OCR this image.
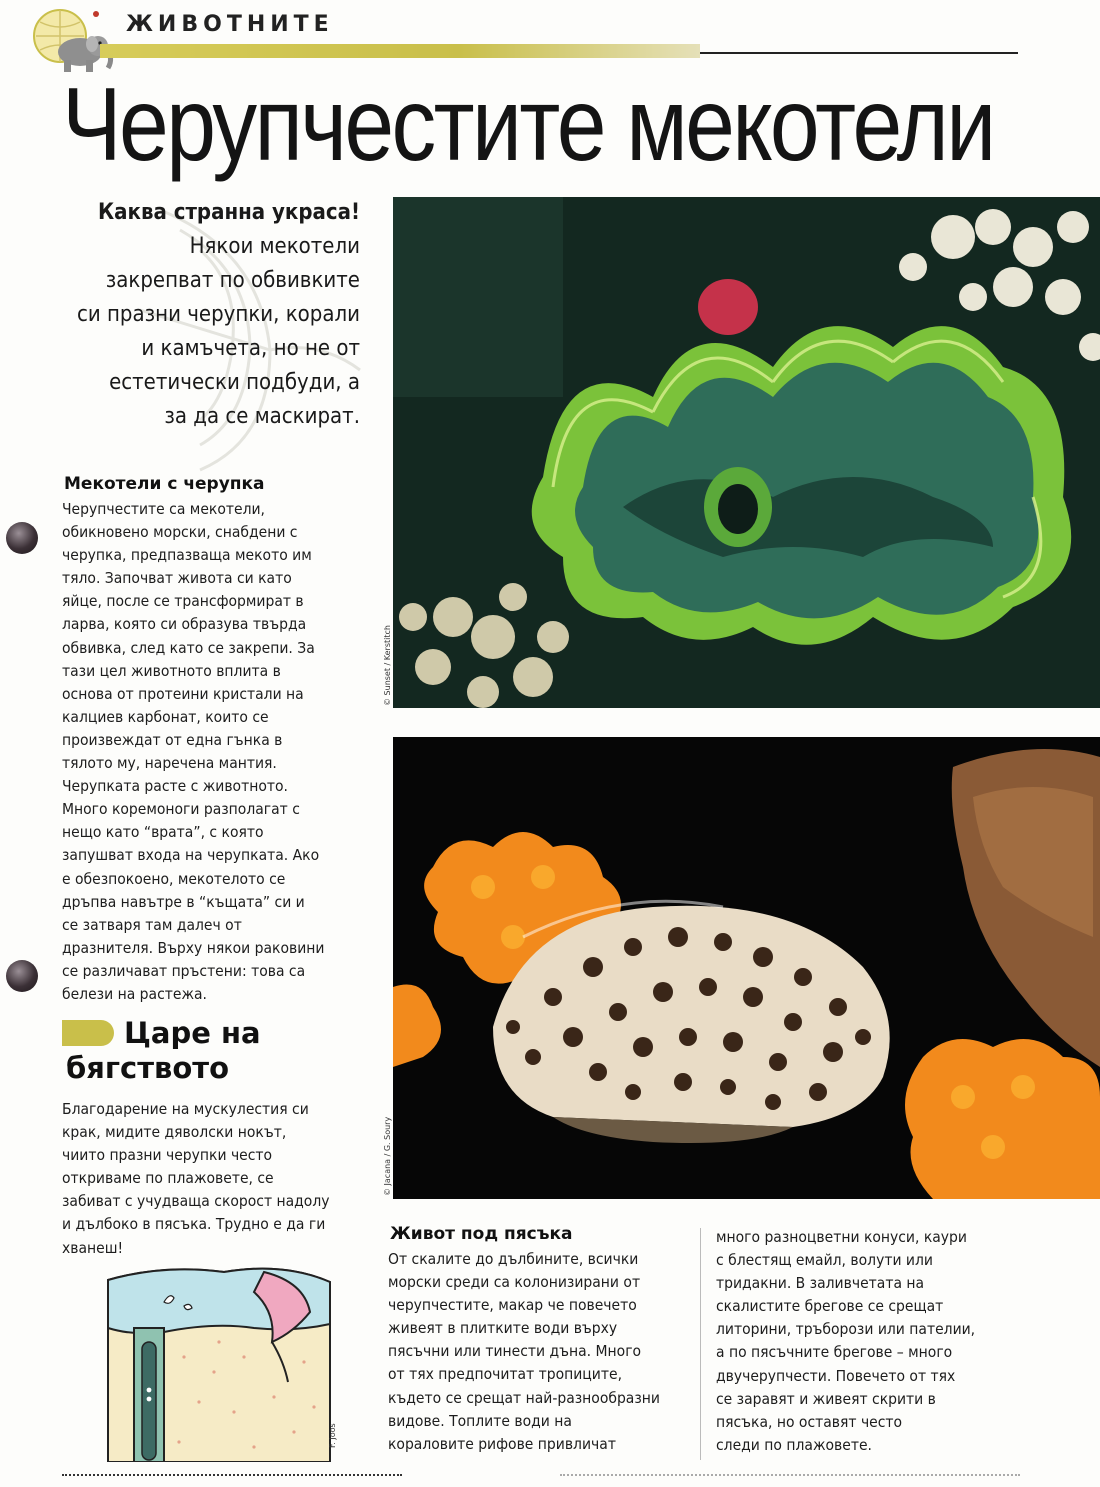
ЖИВОТНИТЕ
Черупчестите мекотели
Каква странна украса!
Някои мекотели
закрепват по обвивките
си празни черупки, корали
и камъчета, но не от
естетически подбуди, а
за да се маскират.
Мекотели с черупка
Черупчестите са мекотели,
обикновено морски, снабдени с
черупка, предпазваща мекото им
тяло. Започват живота си като
яйце, после се трансформират в
ларва, която си образува твърда
обвивка, след като се закрепи. За
тази цел животното вплита в
основа от протеини кристали на
калциев карбонат, които се
произвеждат от една гънка в
тялото му, наречена мантия.
Черупката расте с животното.
Много коремоноги разполагат с
нещо като “врата”, с която
запушват входа на черупката. Ако
е обезпокоено, мекотелото се
дръпва навътре в “къщата” си и
се затваря там далеч от
дразнителя. Върху някои раковини
се различават пръстени: това са
белези на растежа.
Царе на
бягството
Благодарение на мускулестия си
крак, мидите дяволски нокът,
чиито празни черупки често
откриваме по плажовете, се
забиват с учудваща скорост надолу
и дълбоко в пясъка. Трудно е да ги
хванеш!
F. Joos
© Sunset / Kerstitch
© Jacana / G. Soury
Живот под пясъка
От скалите до дълбините, всички
морски среди са колонизирани от
черупчестите, макар че повечето
живеят в плитките води върху
пясъчни или тинести дъна. Много
от тях предпочитат тропиците,
където се срещат най-разнообразни
видове. Топлите води на
кораловите рифове привличат
много разноцветни конуси, каури
с блестящ емайл, волути или
тридакни. В заливчетата на
скалистите брегове се срещат
литорини, тръборози или пателии,
а по пясъчните брегове – много
двучерупчести. Повечето от тях
се заравят и живеят скрити в
пясъка, но оставят често
следи по плажовете.
